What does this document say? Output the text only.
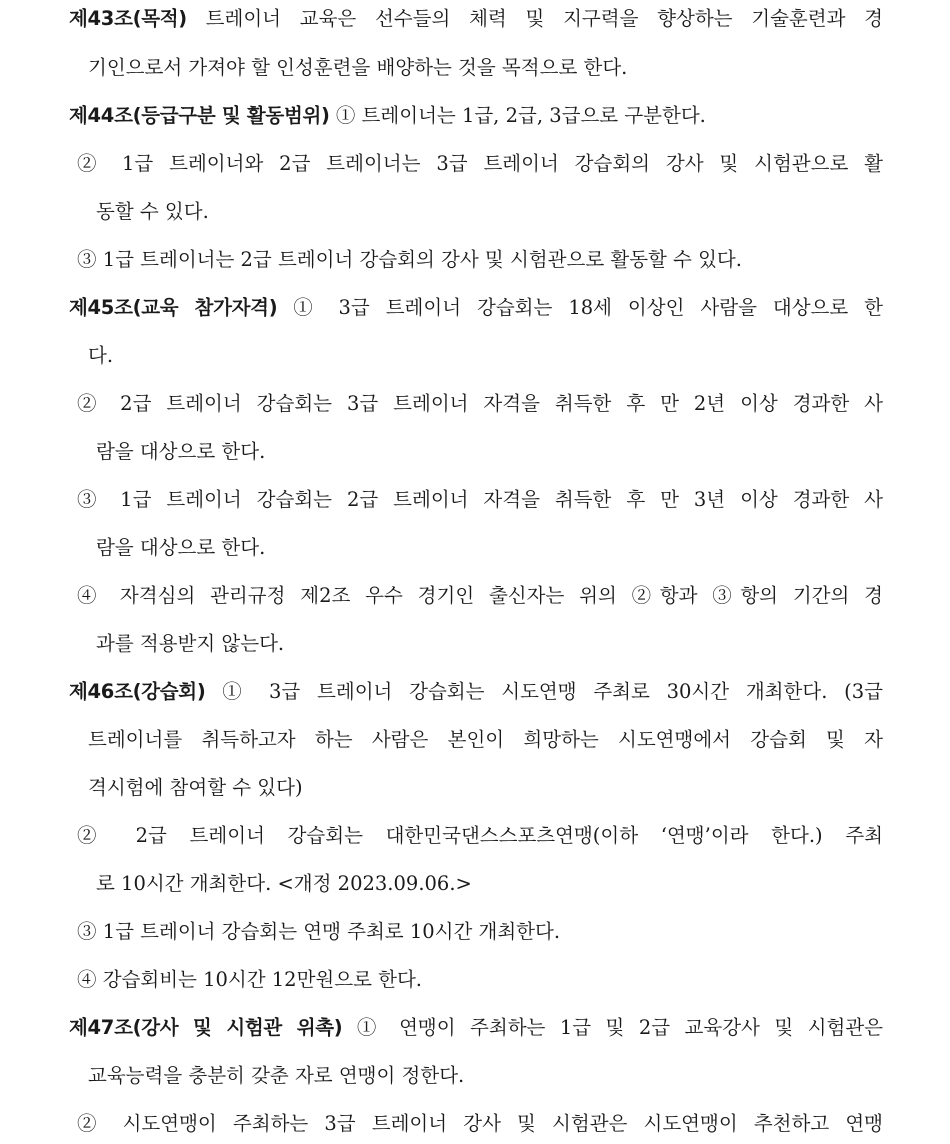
제43조(목적) 트레이너 교육은 선수들의 체력 및 지구력을 향상하는 기술훈련과 경
기인으로서 가져야 할 인성훈련을 배양하는 것을 목적으로 한다.
제44조(등급구분 및 활동범위) ① 트레이너는 1급, 2급, 3급으로 구분한다.
② 1급 트레이너와 2급 트레이너는 3급 트레이너 강습회의 강사 및 시험관으로 활
동할 수 있다.
③ 1급 트레이너는 2급 트레이너 강습회의 강사 및 시험관으로 활동할 수 있다.
제45조(교육 참가자격) ① 3급 트레이너 강습회는 18세 이상인 사람을 대상으로 한
다.
② 2급 트레이너 강습회는 3급 트레이너 자격을 취득한 후 만 2년 이상 경과한 사
람을 대상으로 한다.
③ 1급 트레이너 강습회는 2급 트레이너 자격을 취득한 후 만 3년 이상 경과한 사
람을 대상으로 한다.
④ 자격심의 관리규정 제2조 우수 경기인 출신자는 위의 ②항과 ③항의 기간의 경
과를 적용받지 않는다.
제46조(강습회) ① 3급 트레이너 강습회는 시도연맹 주최로 30시간 개최한다. (3급
트레이너를 취득하고자 하는 사람은 본인이 희망하는 시도연맹에서 강습회 및 자
격시험에 참여할 수 있다)
② 2급 트레이너 강습회는 대한민국댄스스포츠연맹(이하 ‘연맹’이라 한다.) 주최
로 10시간 개최한다. <개정 2023.09.06.>
③ 1급 트레이너 강습회는 연맹 주최로 10시간 개최한다.
④ 강습회비는 10시간 12만원으로 한다.
제47조(강사 및 시험관 위촉) ① 연맹이 주최하는 1급 및 2급 교육강사 및 시험관은
교육능력을 충분히 갖춘 자로 연맹이 정한다.
② 시도연맹이 주최하는 3급 트레이너 강사 및 시험관은 시도연맹이 추천하고 연맹
